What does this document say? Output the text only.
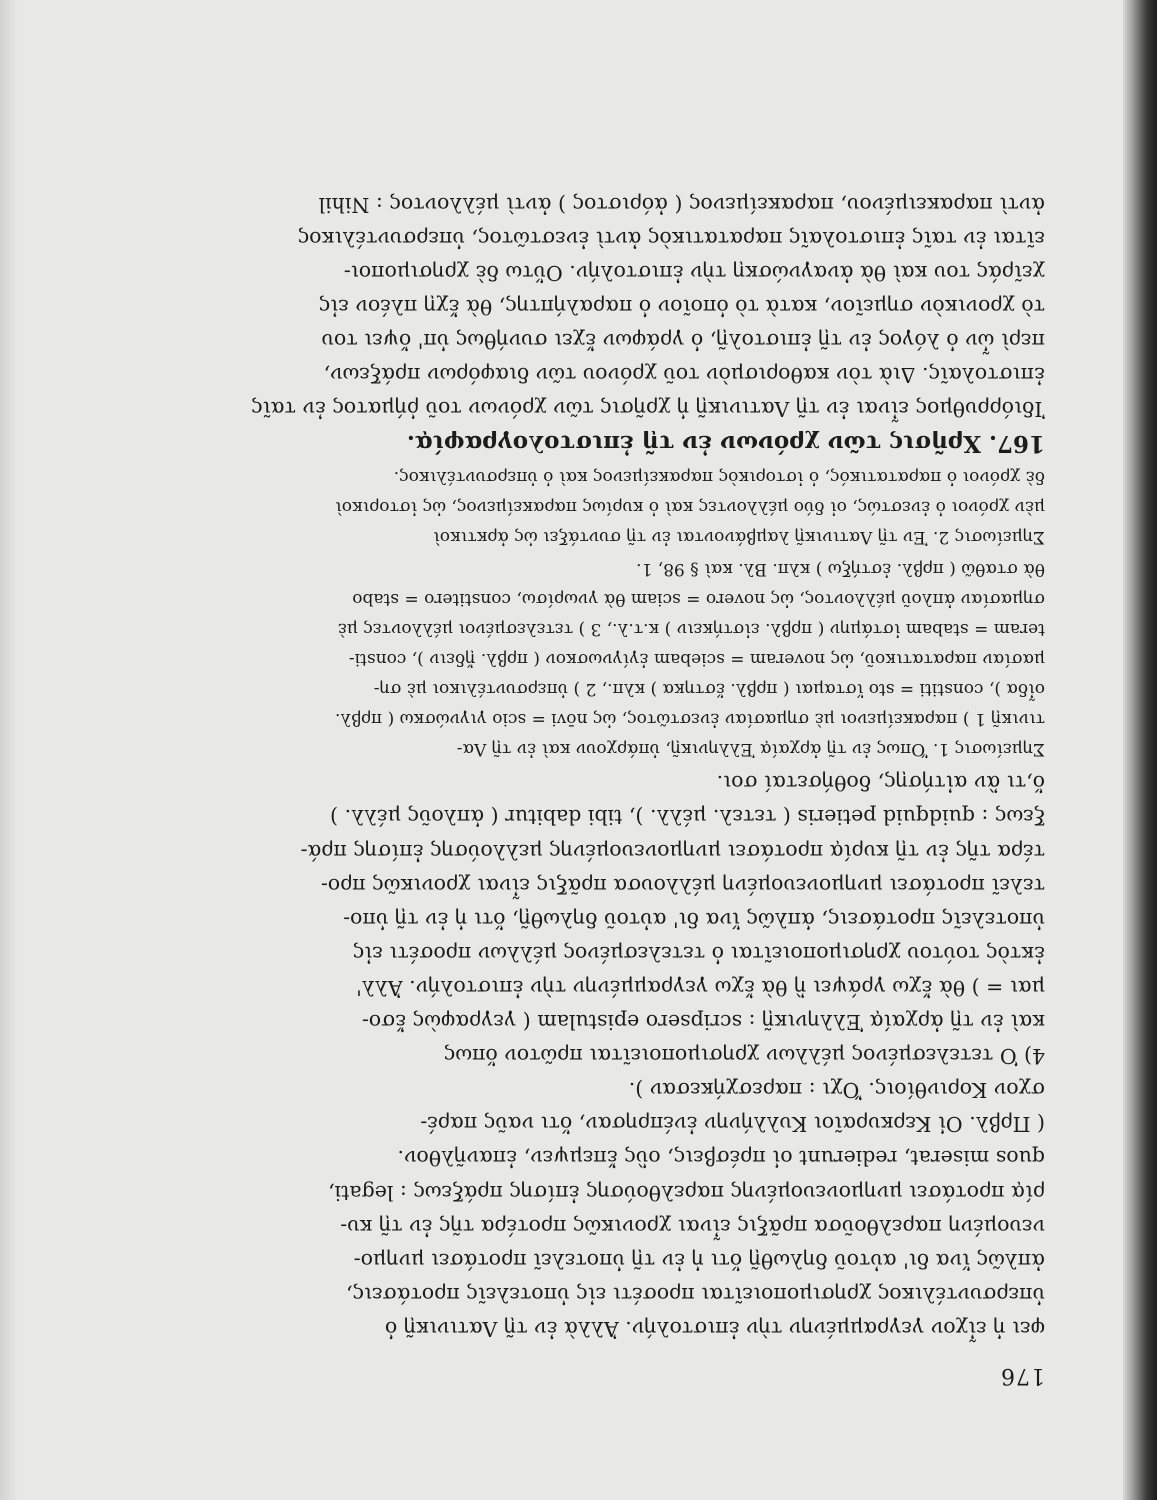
176
φει ἡ εἶχον γεγραμμένην τὴν ἐπιστολήν. Ἀλλὰ ἐν τῇ Λατινικῇ ὁ
ὑπερσυντέλικος χρησιμοποιεῖται προσέτι εἰς ὑποτελεῖς προτάσεις,
ἀπλῶς ἵνα δι' αὐτοῦ δηλωθῇ ὅτι ἡ ἐν τῇ ὑποτελεῖ προτάσει μνημο-
νευομένη παρελθοῦσα πρᾶξις εἶναι χρονικῶς προτέρα τῆς ἐν τῇ κυ-
ρίᾳ προτάσει μνημονευομένης παρελθούσης ἐπίσης πράξεως : legati,
quos miserat, redierunt οἱ πρέσβεις, οὓς ἔπεμψεν, ἐπανῆλθον.
( Πρβλ. Οἱ Κερκυραῖοι Κυλλήνην ἐνέπρησαν, ὅτι ναῦς παρέ-
σχον Κορινθίοις. Ὄχι : παρεσχήκεσαν ).
4) Ὁ τετελεσμένος μέλλων χρησιμοποιεῖται πρῶτον ὅπως
καὶ ἐν τῇ ἀρχαίᾳ Ἑλληνικῇ : scripsero epistulam ( γεγραφὼς ἔσο-
μαι = ) θὰ ἔχω γράψει ἢ θὰ ἔχω γεγραμμένην τὴν ἐπιστολήν. Ἀλλ'
ἐκτὸς τούτου χρησιμοποιεῖται ὁ τετελεσμένος μέλλων προσέτι εἰς
ὑποτελεῖς προτάσεις, ἁπλῶς ἵνα δι' αὐτοῦ δηλωθῇ, ὅτι ἡ ἐν τῇ ὑπο-
τελεῖ προτάσει μνημονευομένη μέλλουσα πρᾶξις εἶναι χρονικῶς προ-
τέρα τῆς ἐν τῇ κυρίᾳ προτάσει μνημονευομένης μελλούσης ἐπίσης πρά-
ξεως : quidquid petieris ( τετελ. μέλλ. ), tibi dabitur ( ἁπλοῦς μέλλ. )
ὅ,τι ἂν αἰτήσῃς, δοθήσεταί σοι.
Σημείωσις 1. Ὅπως ἐν τῇ ἀρχαίᾳ Ἑλληνικῇ, ὑπάρχουν καὶ ἐν τῇ Λα-
τινικῇ 1 ) παρακείμενοι μὲ σημασίαν ἐνεστῶτος, ὡς nōvi = scio γιγνώσκω ( πρβλ.
οἶδα ), constiti = sto ἵσταμαι ( πρβλ. ἕστηκα ) κλπ., 2 ) ὑπερσυντέλικοι μὲ ση-
μασίαν παρατατικοῦ, ὡς noveram = sciebam ἐγίγνωσκον ( πρβλ. ᾔδειν ), consti-
teram = stabam ἱστάμην ( πρβλ. εἱστήκειν ) κ.τ.λ., 3 ) τετελεσμένοι μέλλοντες μὲ
σημασίαν ἁπλοῦ μέλλοντος, ὡς novero = sciam θὰ γνωρίσω, constitero = stabo
θὰ σταθῶ ( πρβλ. ἑστήξω ) κλπ. Βλ. καὶ § 98, 1.
Σημείωσις 2. Ἐν τῇ Λατινικῇ λαμβάνονται ἐν τῇ συντάξει ὡς ἀρκτικοὶ
μὲν χρόνοι ὁ ἐνεστώς, οἱ δύο μέλλοντες καὶ ὁ κυρίως παρακείμενος, ὡς ἱστορικοὶ
δὲ χρόνοι ὁ παρατατικός, ὁ ἱστορικὸς παρακείμενος καὶ ὁ ὑπερσυντέλικος.
167. Χρῆσις τῶν χρόνων ἐν τῇ ἐπιστολογραφίᾳ.
Ἰδιόρρυθμος εἶναι ἐν τῇ Λατινικῇ ἡ χρῆσις τῶν χρόνων τοῦ ῥήματος ἐν ταῖς
ἐπιστολαῖς. Διὰ τὸν καθορισμὸν τοῦ χρόνου τῶν διαφόρων πράξεων,
περὶ ὧν ὁ λόγος ἐν τῇ ἐπιστολῇ, ὁ γράφων ἔχει συνήθως ὑπ' ὄψει του
τὸ χρονικὸν σημεῖον, κατὰ τὸ ὁποῖον ὁ παραλήπτης, θὰ ἔχῃ πλέον εἰς
χεῖράς του καὶ θὰ ἀναγνώσκῃ τὴν ἐπιστολήν. Οὕτω δὲ χρησιμοποι-
εῖται ἐν ταῖς ἐπιστολαῖς παρατατικὸς ἀντὶ ἐνεστῶτος, ὑπερσυντέλικος
ἀντὶ παρακειμένου, παρακείμενος ( ἀόριστος ) ἀντὶ μέλλοντος : Nihil
